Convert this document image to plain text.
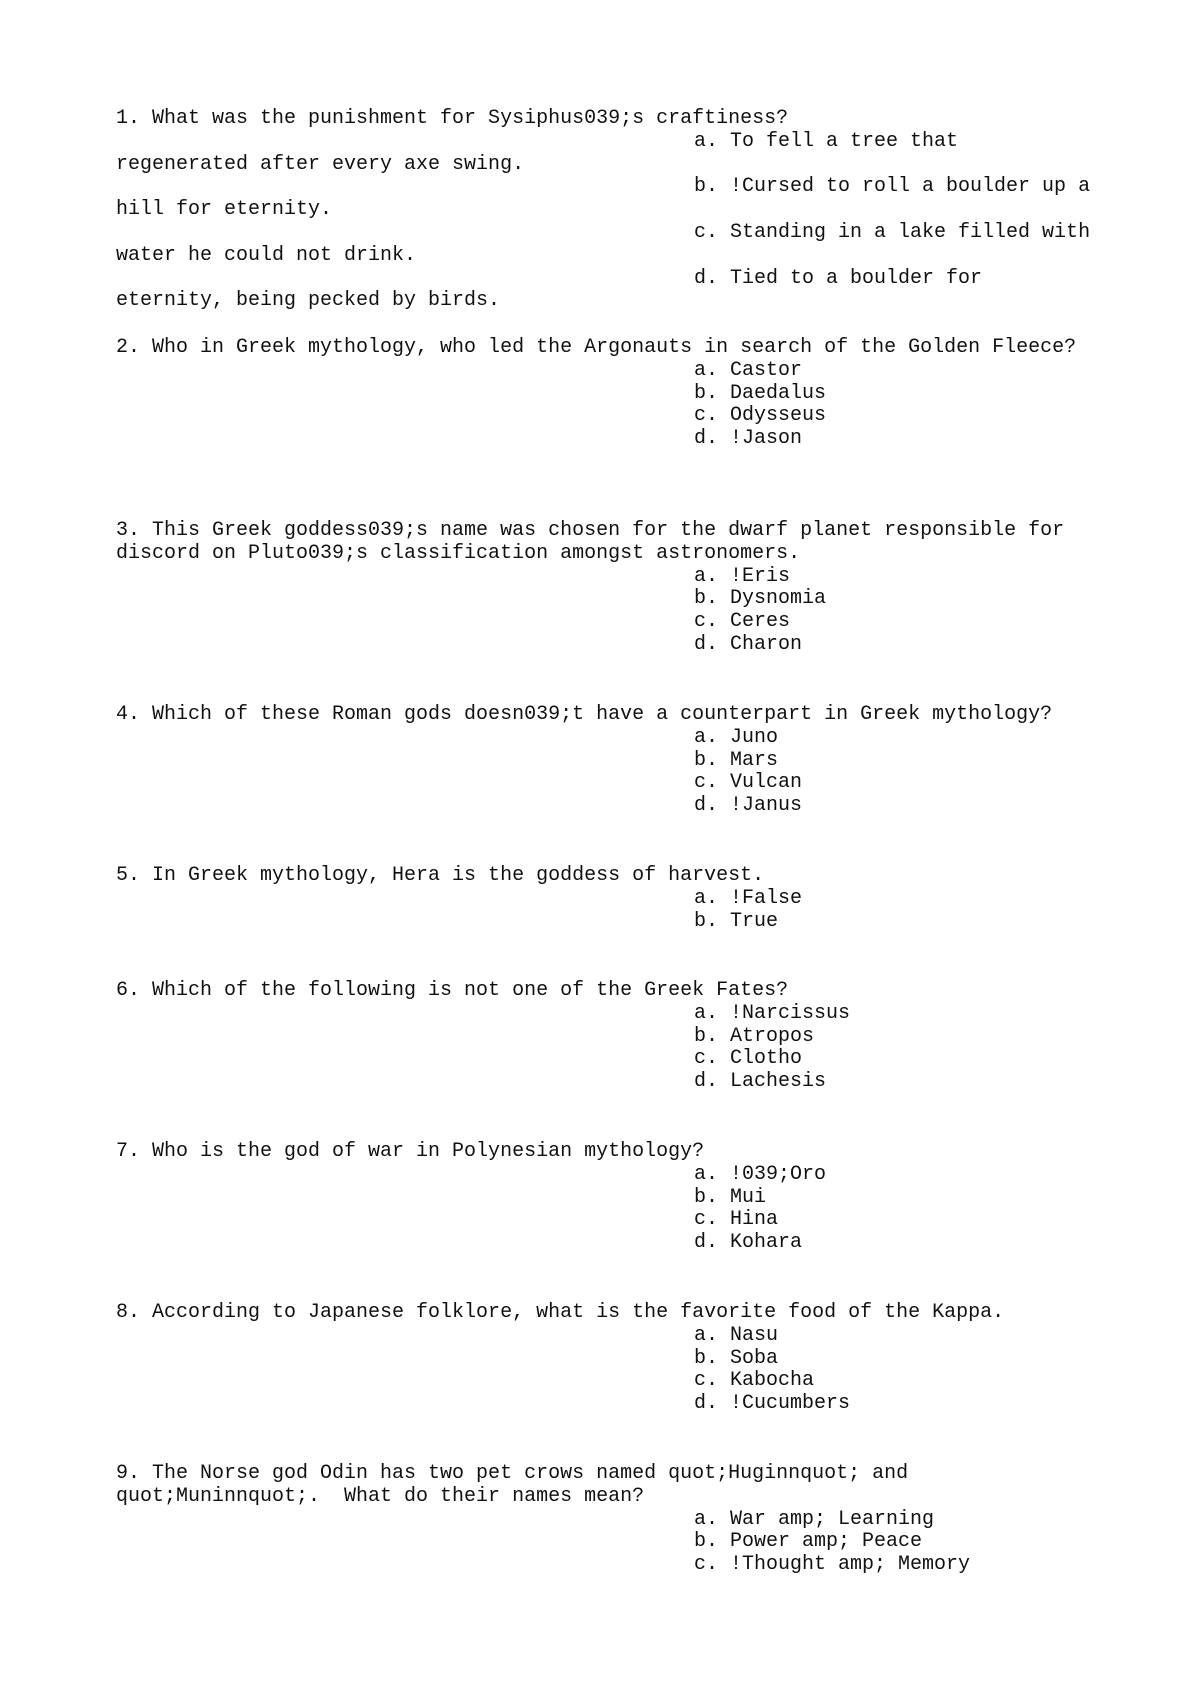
1. What was the punishment for Sysiphus039;s craftiness?
a. To fell a tree that
regenerated after every axe swing.
b. !Cursed to roll a boulder up a
hill for eternity.
c. Standing in a lake filled with
water he could not drink.
d. Tied to a boulder for
eternity, being pecked by birds.
2. Who in Greek mythology, who led the Argonauts in search of the Golden Fleece?
a. Castor
b. Daedalus
c. Odysseus
d. !Jason
3. This Greek goddess039;s name was chosen for the dwarf planet responsible for
discord on Pluto039;s classification amongst astronomers.
a. !Eris
b. Dysnomia
c. Ceres
d. Charon
4. Which of these Roman gods doesn039;t have a counterpart in Greek mythology?
a. Juno
b. Mars
c. Vulcan
d. !Janus
5. In Greek mythology, Hera is the goddess of harvest.
a. !False
b. True
6. Which of the following is not one of the Greek Fates?
a. !Narcissus
b. Atropos
c. Clotho
d. Lachesis
7. Who is the god of war in Polynesian mythology?
a. !039;Oro
b. Mui
c. Hina
d. Kohara
8. According to Japanese folklore, what is the favorite food of the Kappa.
a. Nasu
b. Soba
c. Kabocha
d. !Cucumbers
9. The Norse god Odin has two pet crows named quot;Huginnquot; and
quot;Muninnquot;.  What do their names mean?
a. War amp; Learning
b. Power amp; Peace
c. !Thought amp; Memory
